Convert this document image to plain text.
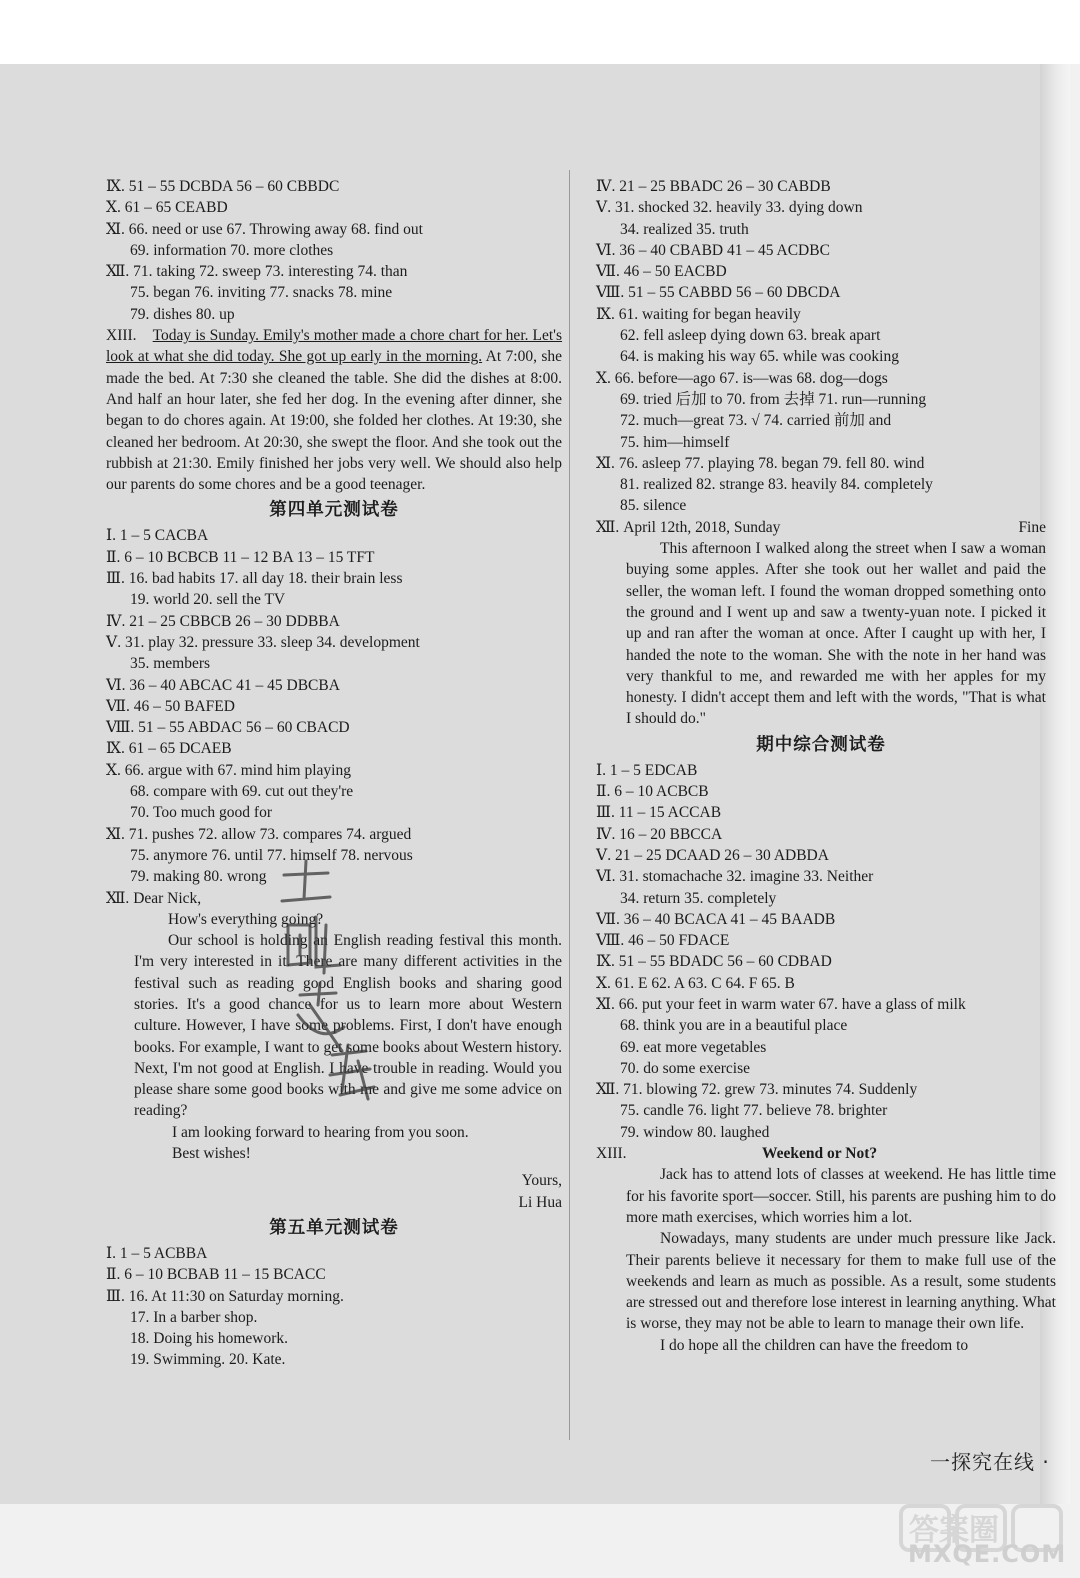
Ⅸ. 51 – 55 DCBDA 56 – 60 CBBDC
Ⅹ. 61 – 65 CEABD
Ⅺ. 66. need or use 67. Throwing away 68. find out
69. information 70. more clothes
Ⅻ. 71. taking 72. sweep 73. interesting 74. than
75. began 76. inviting 77. snacks 78. mine
79. dishes 80. up
XIII. Today is Sunday. Emily's mother made a chore chart for her. Let's look at what she did today. She got up early in the morning. At 7:00, she made the bed. At 7:30 she cleaned the table. She did the dishes at 8:00. And half an hour later, she fed her dog. In the evening after dinner, she began to do chores again. At 19:00, she folded her clothes. At 19:30, she cleaned her bedroom. At 20:30, she swept the floor. And she took out the rubbish at 21:30. Emily finished her jobs very well. We should also help our parents do some chores and be a good teenager.
第四单元测试卷
Ⅰ. 1 – 5 CACBA
Ⅱ. 6 – 10 BCBCB 11 – 12 BA 13 – 15 TFT
Ⅲ. 16. bad habits 17. all day 18. their brain less
19. world 20. sell the TV
Ⅳ. 21 – 25 CBBCB 26 – 30 DDBBA
Ⅴ. 31. play 32. pressure 33. sleep 34. development
35. members
Ⅵ. 36 – 40 ABCAC 41 – 45 DBCBA
Ⅶ. 46 – 50 BAFED
Ⅷ. 51 – 55 ABDAC 56 – 60 CBACD
Ⅸ. 61 – 65 DCAEB
Ⅹ. 66. argue with 67. mind him playing
68. compare with 69. cut out they're
70. Too much good for
Ⅺ. 71. pushes 72. allow 73. compares 74. argued
75. anymore 76. until 77. himself 78. nervous
79. making 80. wrong
Ⅻ. Dear Nick,
How's everything going?
Our school is holding an English reading festival this month. I'm very interested in it. There are many different activities in the festival such as reading good English books and sharing good stories. It's a good chance for us to learn more about Western culture. However, I have some problems. First, I don't have enough books. For example, I want to get some books about Western history. Next, I'm not good at English. I have trouble in reading. Would you please share some good books with me and give me some advice on reading?
I am looking forward to hearing from you soon.
Best wishes!
Yours,
Li Hua
第五单元测试卷
Ⅰ. 1 – 5 ACBBA
Ⅱ. 6 – 10 BCBAB 11 – 15 BCACC
Ⅲ. 16. At 11:30 on Saturday morning.
17. In a barber shop.
18. Doing his homework.
19. Swimming. 20. Kate.
Ⅳ. 21 – 25 BBADC 26 – 30 CABDB
Ⅴ. 31. shocked 32. heavily 33. dying down
34. realized 35. truth
Ⅵ. 36 – 40 CBABD 41 – 45 ACDBC
Ⅶ. 46 – 50 EACBD
Ⅷ. 51 – 55 CABBD 56 – 60 DBCDA
Ⅸ. 61. waiting for began heavily
62. fell asleep dying down 63. break apart
64. is making his way 65. while was cooking
Ⅹ. 66. before—ago 67. is—was 68. dog—dogs
69. tried 后加 to 70. from 去掉 71. run—running
72. much—great 73. √ 74. carried 前加 and
75. him—himself
Ⅺ. 76. asleep 77. playing 78. began 79. fell 80. wind
81. realized 82. strange 83. heavily 84. completely
85. silence
Ⅻ. April 12th, 2018, Sunday	Fine
This afternoon I walked along the street when I saw a woman buying some apples. After she took out her wallet and paid the seller, the woman left. I found the woman dropped something onto the ground and I went up and saw a twenty-yuan note. I picked it up and ran after the woman at once. After I caught up with her, I handed the note to the woman. She with the note in her hand was very thankful to me, and rewarded me with her apples for my honesty. I didn't accept them and left with the words, "That is what I should do."
期中综合测试卷
Ⅰ. 1 – 5 EDCAB
Ⅱ. 6 – 10 ACBCB
Ⅲ. 11 – 15 ACCAB
Ⅳ. 16 – 20 BBCCA
Ⅴ. 21 – 25 DCAAD 26 – 30 ADBDA
Ⅵ. 31. stomachache 32. imagine 33. Neither
34. return 35. completely
Ⅶ. 36 – 40 BCACA 41 – 45 BAADB
Ⅷ. 46 – 50 FDACE
Ⅸ. 51 – 55 BDADC 56 – 60 CDBAD
Ⅹ. 61. E 62. A 63. C 64. F 65. B
Ⅺ. 66. put your feet in warm water 67. have a glass of milk
68. think you are in a beautiful place
69. eat more vegetables
70. do some exercise
Ⅻ. 71. blowing 72. grew 73. minutes 74. Suddenly
75. candle 76. light 77. believe 78. brighter
79. window 80. laughed
XIII.	Weekend or Not?
Jack has to attend lots of classes at weekend. He has little time for his favorite sport—soccer. Still, his parents are pushing him to do more math exercises, which worries him a lot.
Nowadays, many students are under much pressure like Jack. Their parents believe it necessary for them to make full use of the weekends and learn as much as possible. As a result, some students are stressed out and therefore lose interest in learning anything. What is worse, they may not be able to learn to manage their own life.
I do hope all the children can have the freedom to
一探究在线 ·
答案圈
MXQE.COM
